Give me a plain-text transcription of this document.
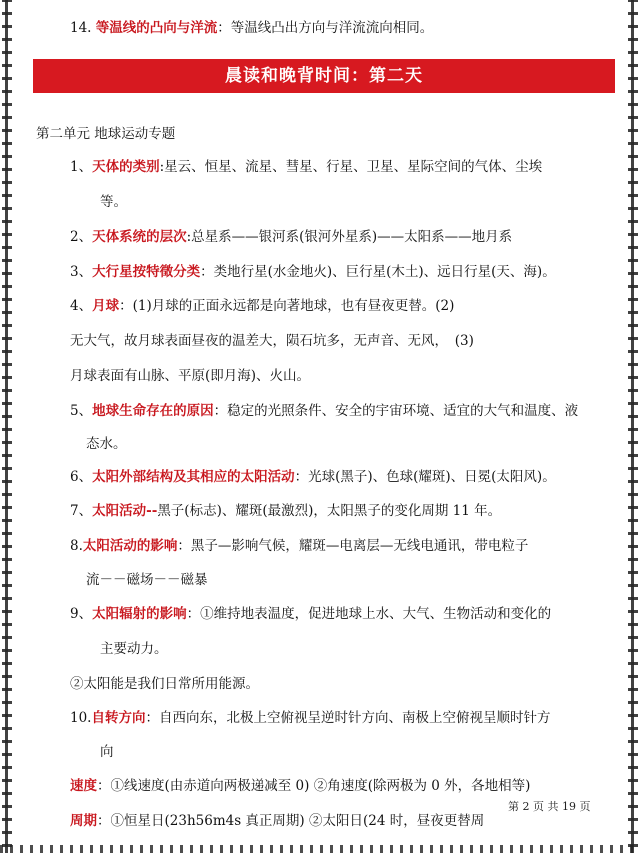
14. 等温线的凸向与洋流：等温线凸出方向与洋流流向相同。
晨读和晚背时间：第二天
第二单元 地球运动专题
1、天体的类别:星云、恒星、流星、彗星、行星、卫星、星际空间的气体、尘埃
等。
2、天体系统的层次:总星系——银河系(银河外星系)——太阳系——地月系
3、大行星按特徵分类：类地行星(水金地火)、巨行星(木土)、远日行星(天、海)。
4、月球：(1)月球的正面永远都是向著地球，也有昼夜更替。(2)
无大气，故月球表面昼夜的温差大，陨石坑多，无声音、无风，　(3)
月球表面有山脉、平原(即月海)、火山。
5、地球生命存在的原因：稳定的光照条件、安全的宇宙环境、适宜的大气和温度、液
态水。
6、太阳外部结构及其相应的太阳活动：光球(黑子)、色球(耀斑)、日冕(太阳风)。
7、太阳活动--黑子(标志)、耀斑(最激烈)，太阳黑子的变化周期 11 年。
8.太阳活动的影响：黑子—影响气候，耀斑—电离层—无线电通讯，带电粒子
流－－磁场－－磁暴
9、太阳辐射的影响：①维持地表温度，促进地球上水、大气、生物活动和变化的
主要动力。
②太阳能是我们日常所用能源。
10.自转方向：自西向东，北极上空俯视呈逆时针方向、南极上空俯视呈顺时针方
向
速度：①线速度(由赤道向两极递减至 0) ②角速度(除两极为 0 外，各地相等)
第 2 页 共 19 页
周期：①恒星日(23h56m4s 真正周期) ②太阳日(24 时，昼夜更替周
